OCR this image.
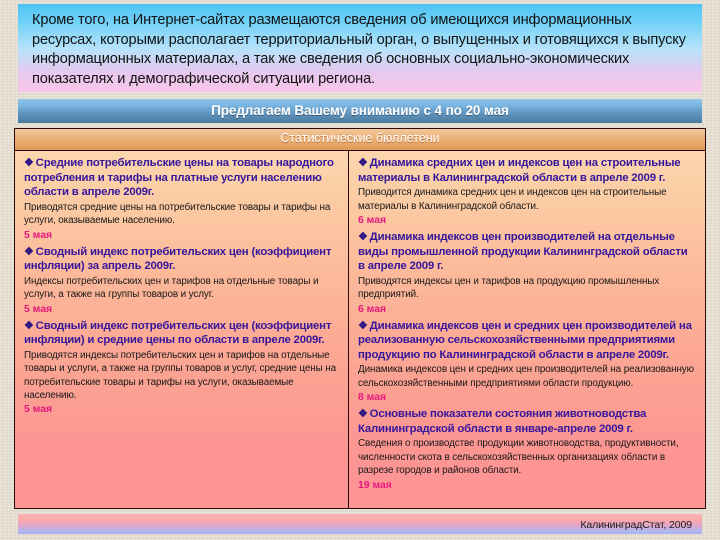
Кроме того, на Интернет-сайтах размещаются сведения об имеющихся информационных ресурсах, которыми располагает территориальный орган, о выпущенных и готовящихся к выпуску информационных материалах, а так же сведения об основных социально-экономических показателях и демографической ситуации региона.

Предлагаем Вашему вниманию с 4 по 20 мая
Статистические бюллетени
❖ Средние потребительские цены на товары народного потребления и тарифы на платные услуги населению области в апреле 2009г.
Приводятся средние цены на потребительские товары и тарифы на услуги, оказываемые населению.
5 мая
❖ Сводный индекс потребительских цен (коэффициент инфляции) за апрель 2009г.
Индексы потребительских цен и тарифов на отдельные товары и услуги, а также на группы товаров и услуг.
5 мая
❖ Сводный индекс потребительских цен (коэффициент инфляции) и средние цены по области в апреле 2009г.
Приводятся индексы потребительских цен и тарифов на отдельные товары и услуги, а также на группы товаров и услуг, средние цены на потребительские товары и тарифы на услуги, оказываемые населению.
5 мая
❖ Динамика средних цен и индексов цен на строительные материалы в Калининградской области в апреле 2009 г.
Приводится динамика средних цен и индексов цен на строительные материалы в Калининградской области.
6 мая
❖ Динамика индексов цен производителей на отдельные виды промышленной продукции Калининградской области в апреле 2009 г.
Приводятся индексы цен и тарифов на продукцию промышленных предприятий.
6 мая
❖ Динамика индексов цен и средних цен производителей на реализованную сельскохозяйственными предприятиями продукцию по Калининградской области в апреле 2009г.
Динамика индексов цен и средних цен производителей на реализованную сельскохозяйственными предприятиями области продукцию.
8 мая
❖ Основные показатели состояния животноводства Калининградской области в январе-апреле 2009 г.
Сведения о производстве продукции животноводства, продуктивности, численности скота в сельскохозяйственных организациях области в разрезе городов и районов области.
19 мая
КалининградСтат, 2009
